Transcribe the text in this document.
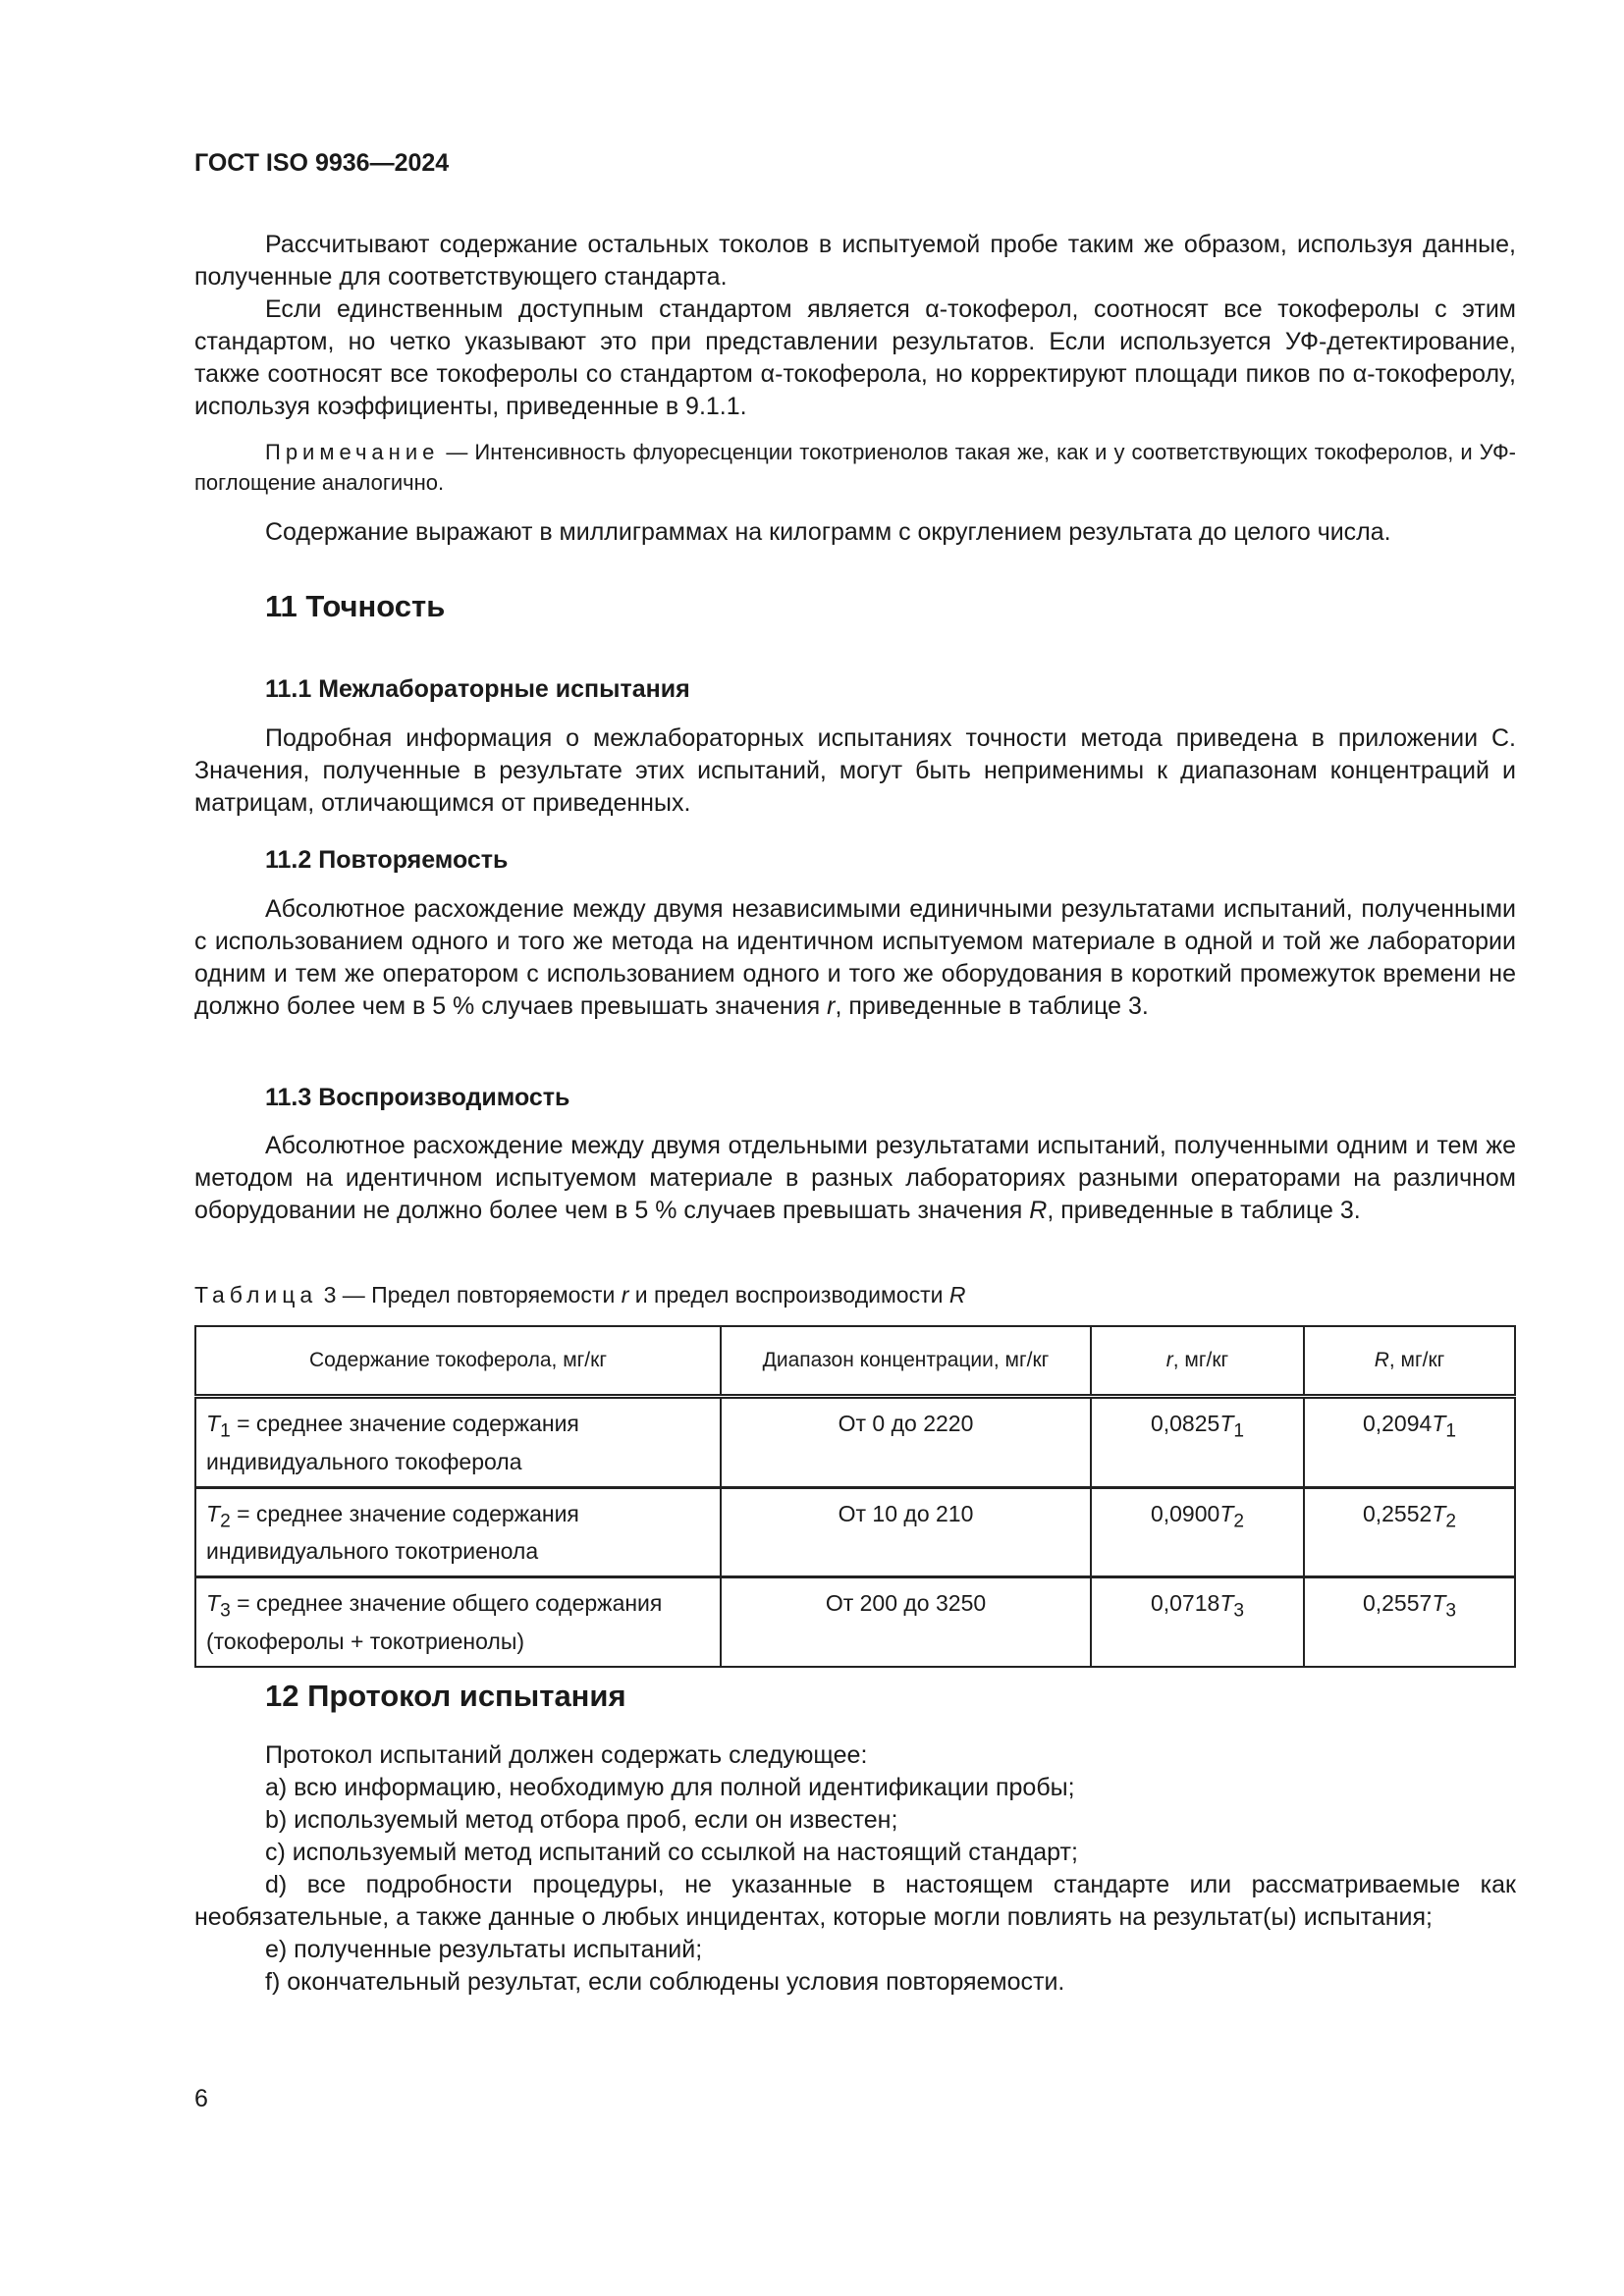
ГОСТ ISO 9936—2024

Рассчитывают содержание остальных токолов в испытуемой пробе таким же образом, используя данные, полученные для соответствующего стандарта.

Если единственным доступным стандартом является α-токоферол, соотносят все токоферолы с этим стандартом, но четко указывают это при представлении результатов. Если используется УФ-детектирование, также соотносят все токоферолы со стандартом α-токоферола, но корректируют площади пиков по α-токоферолу, используя коэффициенты, приведенные в 9.1.1.

Примечание — Интенсивность флуоресценции токотриенолов такая же, как и у соответствующих токоферолов, и УФ-поглощение аналогично.
Содержание выражают в миллиграммах на килограмм с округлением результата до целого числа.
11 Точность
11.1 Межлабораторные испытания
Подробная информация о межлабораторных испытаниях точности метода приведена в приложении С. Значения, полученные в результате этих испытаний, могут быть неприменимы к диапазонам концентраций и матрицам, отличающимся от приведенных.
11.2 Повторяемость
Абсолютное расхождение между двумя независимыми единичными результатами испытаний, полученными с использованием одного и того же метода на идентичном испытуемом материале в одной и той же лаборатории одним и тем же оператором с использованием одного и того же оборудования в короткий промежуток времени не должно более чем в 5 % случаев превышать значения r, приведенные в таблице 3.
11.3 Воспроизводимость
Абсолютное расхождение между двумя отдельными результатами испытаний, полученными одним и тем же методом на идентичном испытуемом материале в разных лабораториях разными операторами на различном оборудовании не должно более чем в 5 % случаев превышать значения R, приведенные в таблице 3.
Таблица 3 — Предел повторяемости r и предел воспроизводимости R
Содержание токоферола, мг/кг	Диапазон концентрации, мг/кг	r, мг/кг	R, мг/кг
$T_1$ = среднее значение содержания индивидуального токоферола	От 0 до 2220	$0,0825T_1$	$0,2094T_1$
$T_2$ = среднее значение содержания индивидуального токотриенола	От 10 до 210	$0,0900T_2$	$0,2552T_2$
$T_3$ = среднее значение общего содержания (токоферолы + токотриенолы)	От 200 до 3250	$0,0718T_3$	$0,2557T_3$
12 Протокол испытания

Протокол испытаний должен содержать следующее:

a) всю информацию, необходимую для полной идентификации пробы;

b) используемый метод отбора проб, если он известен;

c) используемый метод испытаний со ссылкой на настоящий стандарт;

d) все подробности процедуры, не указанные в настоящем стандарте или рассматриваемые как необязательные, а также данные о любых инцидентах, которые могли повлиять на результат(ы) испытания;

e) полученные результаты испытаний;

f) окончательный результат, если соблюдены условия повторяемости.

6
